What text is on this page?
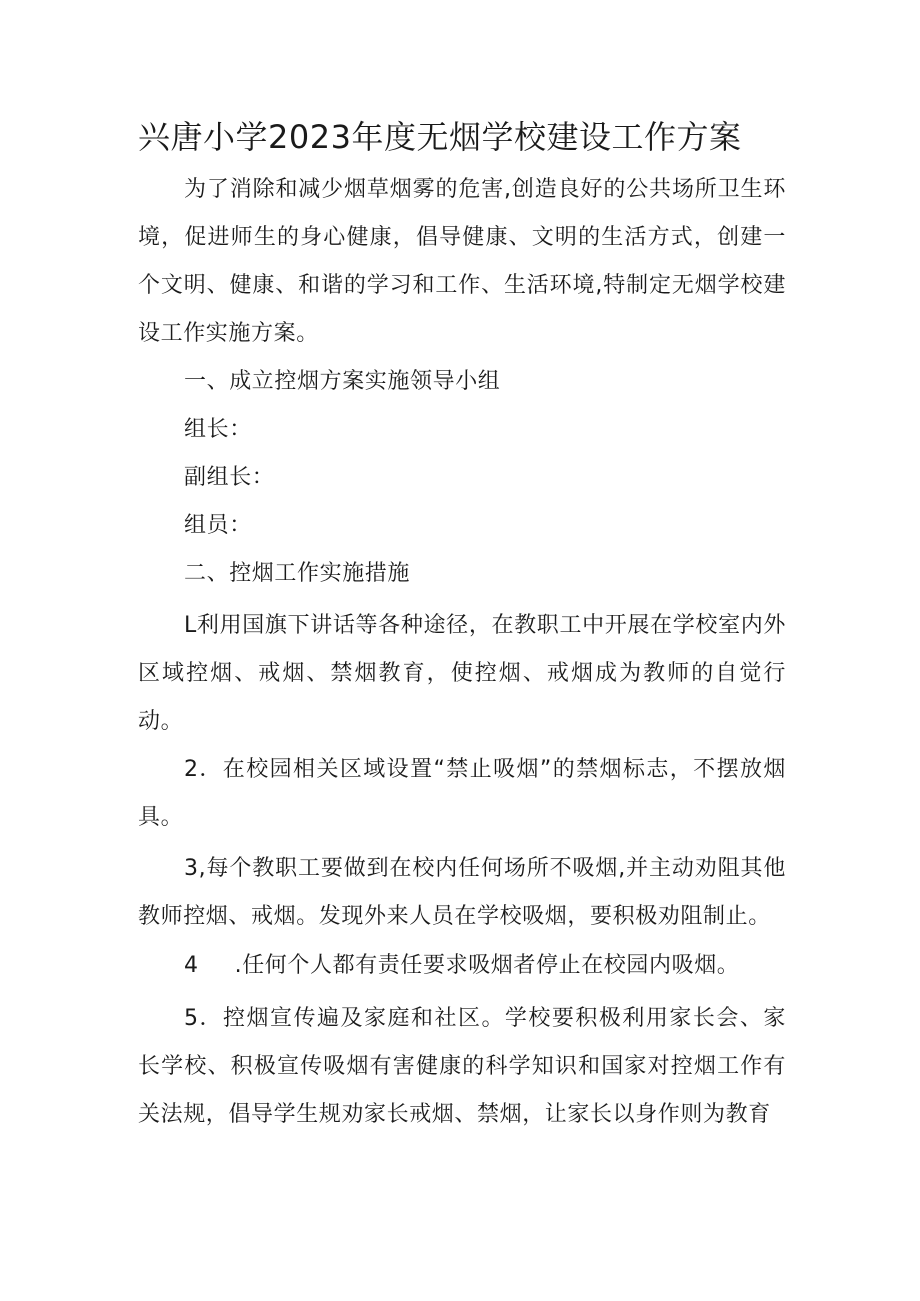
兴唐小学2023年度无烟学校建设工作方案

为了消除和减少烟草烟雾的危害,创造良好的公共场所卫生环境，促进师生的身心健康，倡导健康、文明的生活方式，创建一个文明、健康、和谐的学习和工作、生活环境,特制定无烟学校建设工作实施方案。

一、成立控烟方案实施领导小组

组长：

副组长：

组员：

二、控烟工作实施措施

L利用国旗下讲话等各种途径，在教职工中开展在学校室内外区域控烟、戒烟、禁烟教育，使控烟、戒烟成为教师的自觉行动。

2．在校园相关区域设置“禁止吸烟”的禁烟标志，不摆放烟具。

3,每个教职工要做到在校内任何场所不吸烟,并主动劝阻其他教师控烟、戒烟。发现外来人员在学校吸烟，要积极劝阻制止。

4 .任何个人都有责任要求吸烟者停止在校园内吸烟。

5．控烟宣传遍及家庭和社区。学校要积极利用家长会、家长学校、积极宣传吸烟有害健康的科学知识和国家对控烟工作有关法规，倡导学生规劝家长戒烟、禁烟，让家长以身作则为教育
